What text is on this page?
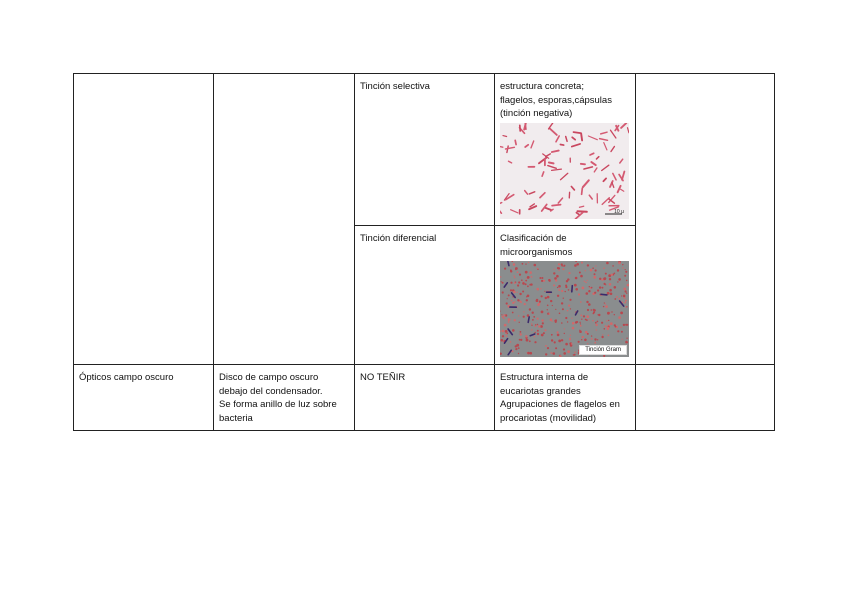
		Tinción selectiva	estructura concreta;
flagelos, esporas,cápsulas
(tinción negativa)
10 μ	

		Tinción diferencial	Clasificación de
microorganismos
Tinción Gram	

Ópticos campo oscuro	Disco de campo oscuro
debajo del condensador.
Se forma anillo de luz sobre
bacteria	NO TEÑIR	Estructura interna de
eucariotas grandes
Agrupaciones de flagelos en
procariotas (movilidad)	
